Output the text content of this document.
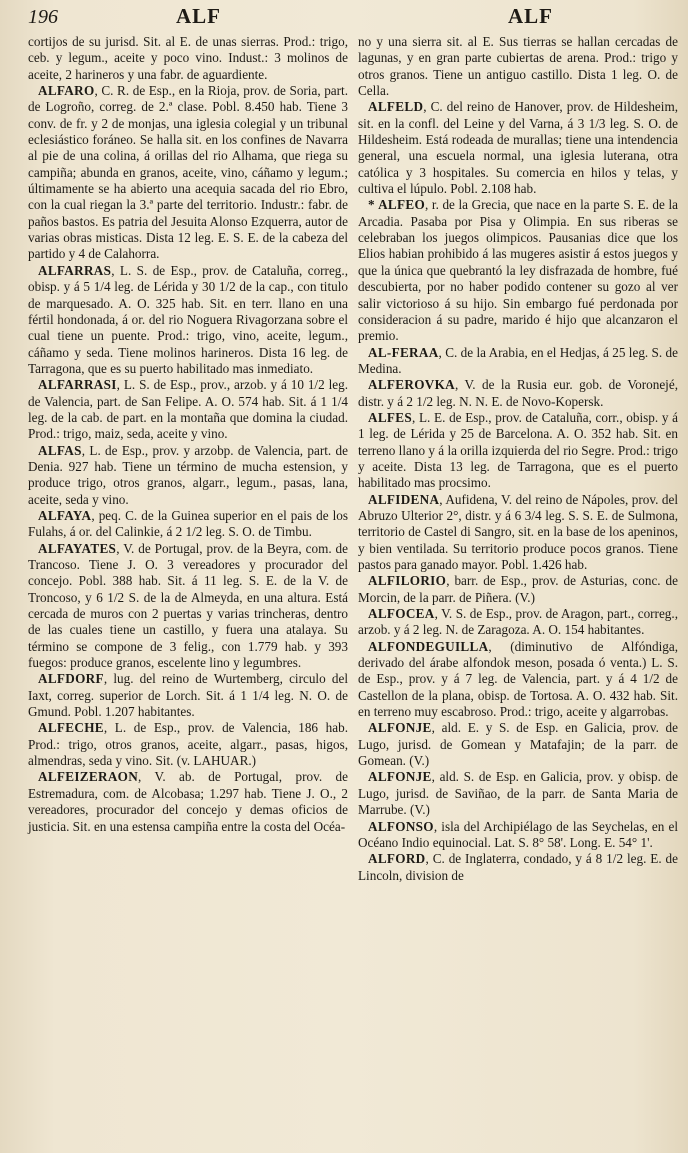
196	ALF	ALF

cortijos de su jurisd. Sit. al E. de unas sierras. Prod.: trigo, ceb. y legum., aceite y poco vino. Indust.: 3 molinos de aceite, 2 harineros y una fabr. de aguardiente.

ALFARO, C. R. de Esp., en la Rioja, prov. de Soria, part. de Logroño, correg. de 2.ª clase. Pobl. 8.450 hab. Tiene 3 conv. de fr. y 2 de monjas, una iglesia colegial y un tribunal eclesiástico foráneo. Se halla sit. en los confines de Navarra al pie de una colina, á orillas del rio Alhama, que riega su campiña; abunda en granos, aceite, vino, cáñamo y legum.; últimamente se ha abierto una acequia sacada del rio Ebro, con la cual riegan la 3.ª parte del territorio. Industr.: fabr. de paños bastos. Es patria del Jesuita Alonso Ezquerra, autor de varias obras misticas. Dista 12 leg. E. S. E. de la cabeza del partido y 4 de Calahorra.

ALFARRAS, L. S. de Esp., prov. de Cataluña, correg., obisp. y á 5 1/4 leg. de Lérida y 30 1/2 de la cap., con titulo de marquesado. A. O. 325 hab. Sit. en terr. llano en una fértil hondonada, á or. del rio Noguera Rivagorzana sobre el cual tiene un puente. Prod.: trigo, vino, aceite, legum., cáñamo y seda. Tiene molinos harineros. Dista 16 leg. de Tarragona, que es su puerto habilitado mas inmediato.

ALFARRASI, L. S. de Esp., prov., arzob. y á 10 1/2 leg. de Valencia, part. de San Felipe. A. O. 574 hab. Sit. á 1 1/4 leg. de la cab. de part. en la montaña que domina la ciudad. Prod.: trigo, maiz, seda, aceite y vino.

ALFAS, L. de Esp., prov. y arzobp. de Valencia, part. de Denia. 927 hab. Tiene un término de mucha estension, y produce trigo, otros granos, algarr., legum., pasas, lana, aceite, seda y vino.

ALFAYA, peq. C. de la Guinea superior en el pais de los Fulahs, á or. del Calinkie, á 2 1/2 leg. S. O. de Timbu.

ALFAYATES, V. de Portugal, prov. de la Beyra, com. de Trancoso. Tiene J. O. 3 vereadores y procurador del concejo. Pobl. 388 hab. Sit. á 11 leg. S. E. de la V. de Troncoso, y 6 1/2 S. de la de Almeyda, en una altura. Está cercada de muros con 2 puertas y varias trincheras, dentro de las cuales tiene un castillo, y fuera una atalaya. Su término se compone de 3 felig., con 1.779 hab. y 393 fuegos: produce granos, escelente lino y legumbres.

ALFDORF, lug. del reino de Wurtemberg, circulo del Iaxt, correg. superior de Lorch. Sit. á 1 1/4 leg. N. O. de Gmund. Pobl. 1.207 habitantes.

ALFECHE, L. de Esp., prov. de Valencia, 186 hab. Prod.: trigo, otros granos, aceite, algarr., pasas, higos, almendras, seda y vino. Sit. (v. LAHUAR.)

ALFEIZERAON, V. ab. de Portugal, prov. de Estremadura, com. de Alcobasa; 1.297 hab. Tiene J. O., 2 vereadores, procurador del concejo y demas oficios de justicia. Sit. en una estensa campiña entre la costa del Océa-

no y una sierra sit. al E. Sus tierras se hallan cercadas de lagunas, y en gran parte cubiertas de arena. Prod.: trigo y otros granos. Tiene un antiguo castillo. Dista 1 leg. O. de Cella.

ALFELD, C. del reino de Hanover, prov. de Hildesheim, sit. en la confl. del Leine y del Varna, á 3 1/3 leg. S. O. de Hildesheim. Está rodeada de murallas; tiene una intendencia general, una escuela normal, una iglesia luterana, otra católica y 3 hospitales. Su comercia en hilos y telas, y cultiva el lúpulo. Pobl. 2.108 hab.

* ALFEO, r. de la Grecia, que nace en la parte S. E. de la Arcadia. Pasaba por Pisa y Olimpia. En sus riberas se celebraban los juegos olimpicos. Pausanias dice que los Elios habian prohibido á las mugeres asistir á estos juegos y que la única que quebrantó la ley disfrazada de hombre, fué descubierta, por no haber podido contener su gozo al ver salir victorioso á su hijo. Sin embargo fué perdonada por consideracion á su padre, marido é hijo que alcanzaron el premio.

AL-FERAA, C. de la Arabia, en el Hedjas, á 25 leg. S. de Medina.

ALFEROVKA, V. de la Rusia eur. gob. de Voronejé, distr. y á 2 1/2 leg. N. N. E. de Novo-Kopersk.

ALFES, L. E. de Esp., prov. de Cataluña, corr., obisp. y á 1 leg. de Lérida y 25 de Barcelona. A. O. 352 hab. Sit. en terreno llano y á la orilla izquierda del rio Segre. Prod.: trigo y aceite. Dista 13 leg. de Tarragona, que es el puerto habilitado mas procsimo.

ALFIDENA, Aufidena, V. del reino de Nápoles, prov. del Abruzo Ulterior 2°, distr. y á 6 3/4 leg. S. S. E. de Sulmona, territorio de Castel di Sangro, sit. en la base de los apeninos, y bien ventilada. Su territorio produce pocos granos. Tiene pastos para ganado mayor. Pobl. 1.426 hab.

ALFILORIO, barr. de Esp., prov. de Asturias, conc. de Morcin, de la parr. de Piñera. (V.)

ALFOCEA, V. S. de Esp., prov. de Aragon, part., correg., arzob. y á 2 leg. N. de Zaragoza. A. O. 154 habitantes.

ALFONDEGUILLA, (diminutivo de Alfóndiga, derivado del árabe alfondok meson, posada ó venta.) L. S. de Esp., prov. y á 7 leg. de Valencia, part. y á 4 1/2 de Castellon de la plana, obisp. de Tortosa. A. O. 432 hab. Sit. en terreno muy escabroso. Prod.: trigo, aceite y algarrobas.

ALFONJE, ald. E. y S. de Esp. en Galicia, prov. de Lugo, jurisd. de Gomean y Matafajin; de la parr. de Gomean. (V.)

ALFONJE, ald. S. de Esp. en Galicia, prov. y obisp. de Lugo, jurisd. de Saviñao, de la parr. de Santa Maria de Marrube. (V.)

ALFONSO, isla del Archipiélago de las Seychelas, en el Océano Indio equinocial. Lat. S. 8° 58'. Long. E. 54° 1'.

ALFORD, C. de Inglaterra, condado, y á 8 1/2 leg. E. de Lincoln, division de
